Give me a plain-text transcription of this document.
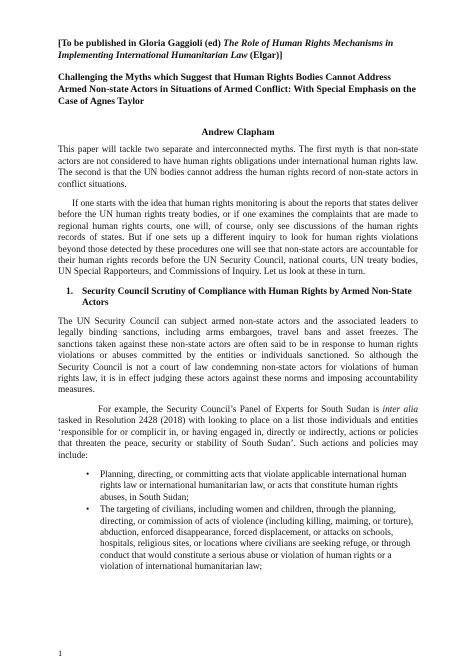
[To be published in Gloria Gaggioli (ed) The Role of Human Rights Mechanisms in Implementing International Humanitarian Law (Elgar)]

Challenging the Myths which Suggest that Human Rights Bodies Cannot Address Armed Non-state Actors in Situations of Armed Conflict: With Special Emphasis on the Case of Agnes Taylor

Andrew Clapham

This paper will tackle two separate and interconnected myths. The first myth is that non-state actors are not considered to have human rights obligations under international human rights law. The second is that the UN bodies cannot address the human rights record of non-state actors in conflict situations.

If one starts with the idea that human rights monitoring is about the reports that states deliver before the UN human rights treaty bodies, or if one examines the complaints that are made to regional human rights courts, one will, of course, only see discussions of the human rights records of states. But if one sets up a different inquiry to look for human rights violations beyond those detected by these procedures one will see that non-state actors are accountable for their human rights records before the UN Security Council, national courts, UN treaty bodies, UN Special Rapporteurs, and Commissions of Inquiry. Let us look at these in turn.

1. Security Council Scrutiny of Compliance with Human Rights by Armed Non-State Actors

The UN Security Council can subject armed non-state actors and the associated leaders to legally binding sanctions, including arms embargoes, travel bans and asset freezes. The sanctions taken against these non-state actors are often said to be in response to human rights violations or abuses committed by the entities or individuals sanctioned. So although the Security Council is not a court of law condemning non-state actors for violations of human rights law, it is in effect judging these actors against these norms and imposing accountability measures.

For example, the Security Council’s Panel of Experts for South Sudan is inter alia tasked in Resolution 2428 (2018) with looking to place on a list those individuals and entities ‘responsible for or complicit in, or having engaged in, directly or indirectly, actions or policies that threaten the peace, security or stability of South Sudan’. Such actions and policies may include:

• Planning, directing, or committing acts that violate applicable international human rights law or international humanitarian law, or acts that constitute human rights abuses, in South Sudan;
• The targeting of civilians, including women and children, through the planning, directing, or commission of acts of violence (including killing, maiming, or torture), abduction, enforced disappearance, forced displacement, or attacks on schools, hospitals, religious sites, or locations where civilians are seeking refuge, or through conduct that would constitute a serious abuse or violation of human rights or a violation of international humanitarian law;
1
